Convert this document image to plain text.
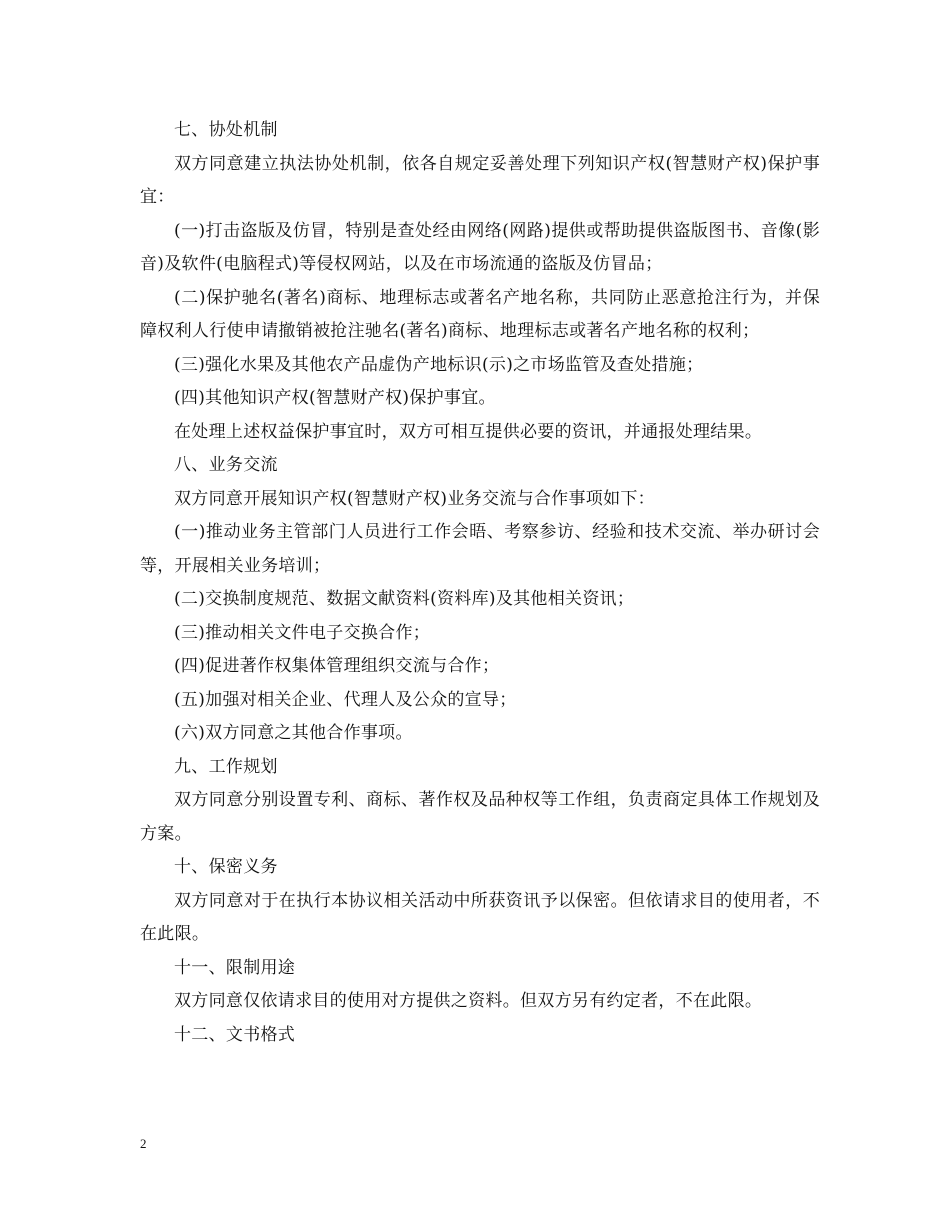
七、协处机制

双方同意建立执法协处机制，依各自规定妥善处理下列知识产权(智慧财产权)保护事宜：

(一)打击盗版及仿冒，特别是查处经由网络(网路)提供或帮助提供盗版图书、音像(影音)及软件(电脑程式)等侵权网站，以及在市场流通的盗版及仿冒品；

(二)保护驰名(著名)商标、地理标志或著名产地名称，共同防止恶意抢注行为，并保障权利人行使申请撤销被抢注驰名(著名)商标、地理标志或著名产地名称的权利；

(三)强化水果及其他农产品虚伪产地标识(示)之市场监管及查处措施；

(四)其他知识产权(智慧财产权)保护事宜。

在处理上述权益保护事宜时，双方可相互提供必要的资讯，并通报处理结果。

八、业务交流

双方同意开展知识产权(智慧财产权)业务交流与合作事项如下：

(一)推动业务主管部门人员进行工作会晤、考察参访、经验和技术交流、举办研讨会等，开展相关业务培训；

(二)交换制度规范、数据文献资料(资料库)及其他相关资讯；

(三)推动相关文件电子交换合作；

(四)促进著作权集体管理组织交流与合作；

(五)加强对相关企业、代理人及公众的宣导；

(六)双方同意之其他合作事项。

九、工作规划

双方同意分别设置专利、商标、著作权及品种权等工作组，负责商定具体工作规划及方案。

十、保密义务

双方同意对于在执行本协议相关活动中所获资讯予以保密。但依请求目的使用者，不在此限。

十一、限制用途

双方同意仅依请求目的使用对方提供之资料。但双方另有约定者，不在此限。

十二、文书格式

2
